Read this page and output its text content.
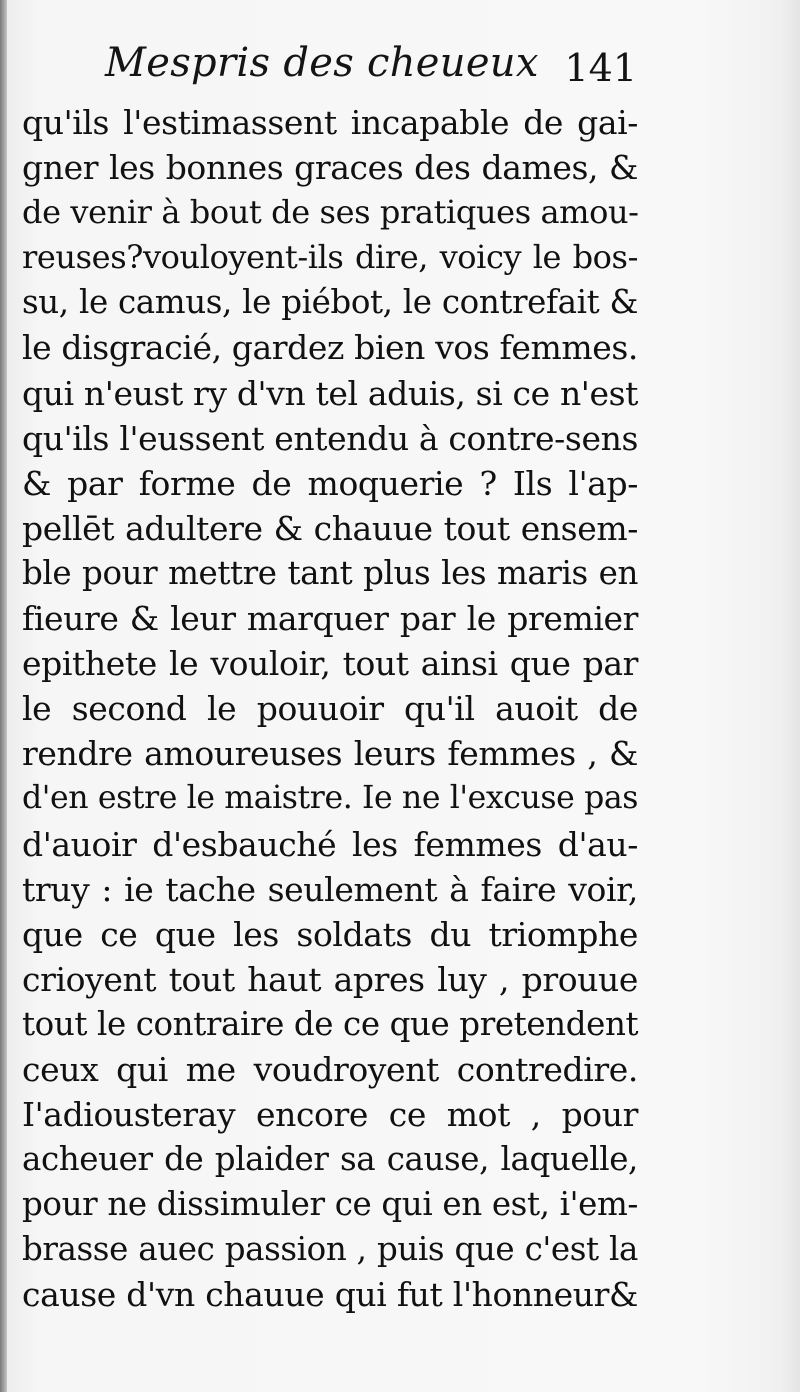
Mespris des cheueux 141
qu'ils l'estimassent incapable de gai-
gner les bonnes graces des dames, &
de venir à bout de ses pratiques amou-
reuses?vouloyent-ils dire, voicy le bos-
su, le camus, le piébot, le contrefait &
le disgracié, gardez bien vos femmes.
qui n'eust ry d'vn tel aduis, si ce n'est
qu'ils l'eussent entendu à contre-sens
& par forme de moquerie ? Ils l'ap-
pellēt adultere & chauue tout ensem-
ble pour mettre tant plus les maris en
fieure & leur marquer par le premier
epithete le vouloir, tout ainsi que par
le second le pouuoir qu'il auoit de
rendre amoureuses leurs femmes , &
d'en estre le maistre. Ie ne l'excuse pas
d'auoir d'esbauché les femmes d'au-
truy : ie tache seulement à faire voir,
que ce que les soldats du triomphe
crioyent tout haut apres luy , prouue
tout le contraire de ce que pretendent
ceux qui me voudroyent contredire.
I'adiousteray encore ce mot , pour
acheuer de plaider sa cause, laquelle,
pour ne dissimuler ce qui en est, i'em-
brasse auec passion , puis que c'est la
cause d'vn chauue qui fut l'honneur&
